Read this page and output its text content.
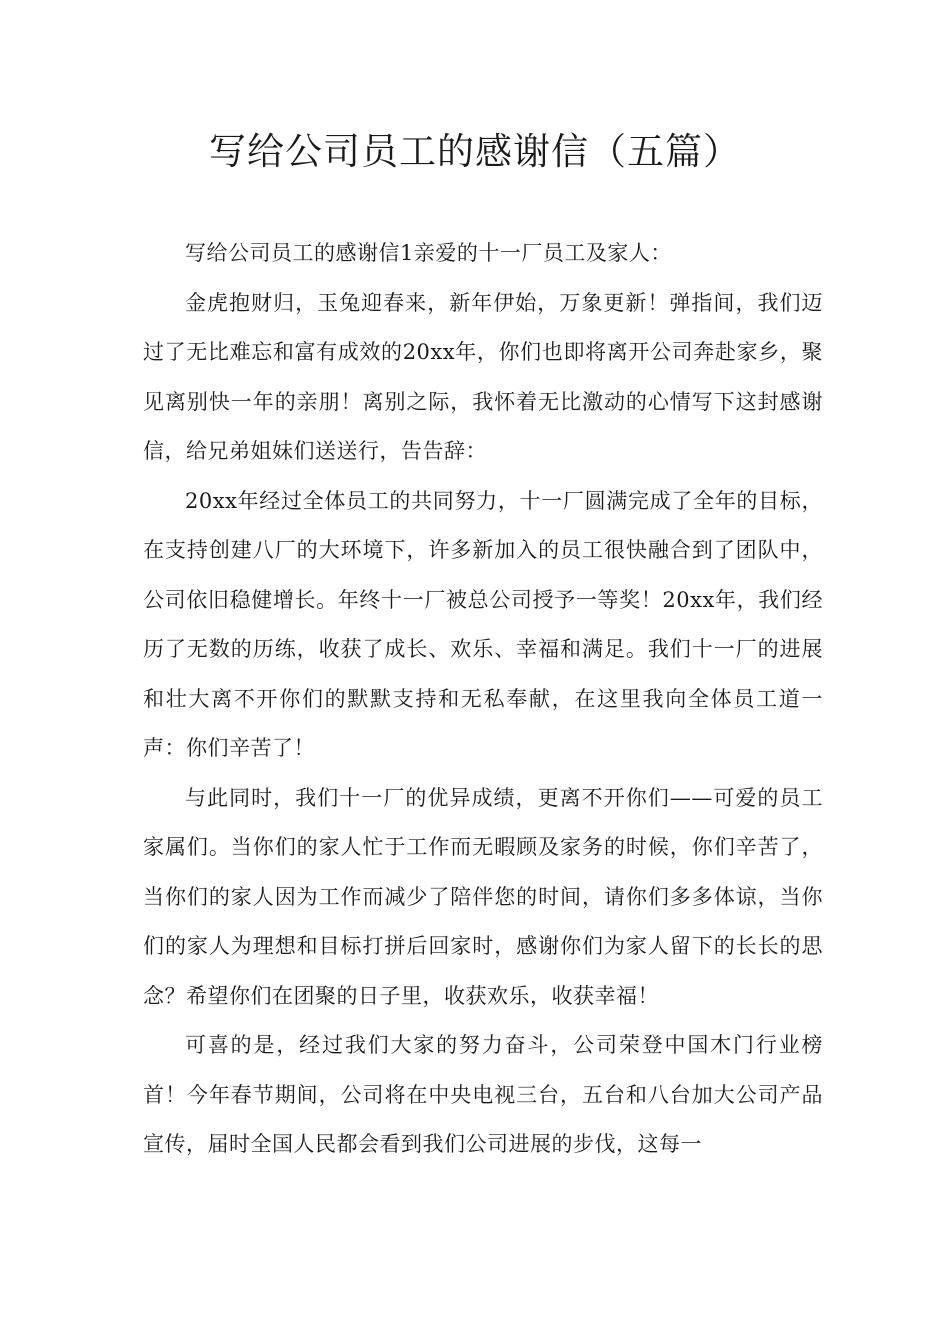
写给公司员工的感谢信（五篇）

写给公司员工的感谢信1亲爱的十一厂员工及家人：

金虎抱财归，玉兔迎春来，新年伊始，万象更新！弹指间，我们迈过了无比难忘和富有成效的20xx年，你们也即将离开公司奔赴家乡，聚见离别快一年的亲朋！离别之际，我怀着无比激动的心情写下这封感谢信，给兄弟姐妹们送送行，告告辞：

20xx年经过全体员工的共同努力，十一厂圆满完成了全年的目标，在支持创建八厂的大环境下，许多新加入的员工很快融合到了团队中，公司依旧稳健增长。年终十一厂被总公司授予一等奖！20xx年，我们经历了无数的历练，收获了成长、欢乐、幸福和满足。我们十一厂的进展和壮大离不开你们的默默支持和无私奉献，在这里我向全体员工道一声：你们辛苦了！

与此同时，我们十一厂的优异成绩，更离不开你们——可爱的员工家属们。当你们的家人忙于工作而无暇顾及家务的时候，你们辛苦了，当你们的家人因为工作而减少了陪伴您的时间，请你们多多体谅，当你们的家人为理想和目标打拼后回家时，感谢你们为家人留下的长长的思念？希望你们在团聚的日子里，收获欢乐，收获幸福！

可喜的是，经过我们大家的努力奋斗，公司荣登中国木门行业榜首！今年春节期间，公司将在中央电视三台，五台和八台加大公司产品宣传，届时全国人民都会看到我们公司进展的步伐，这每一
